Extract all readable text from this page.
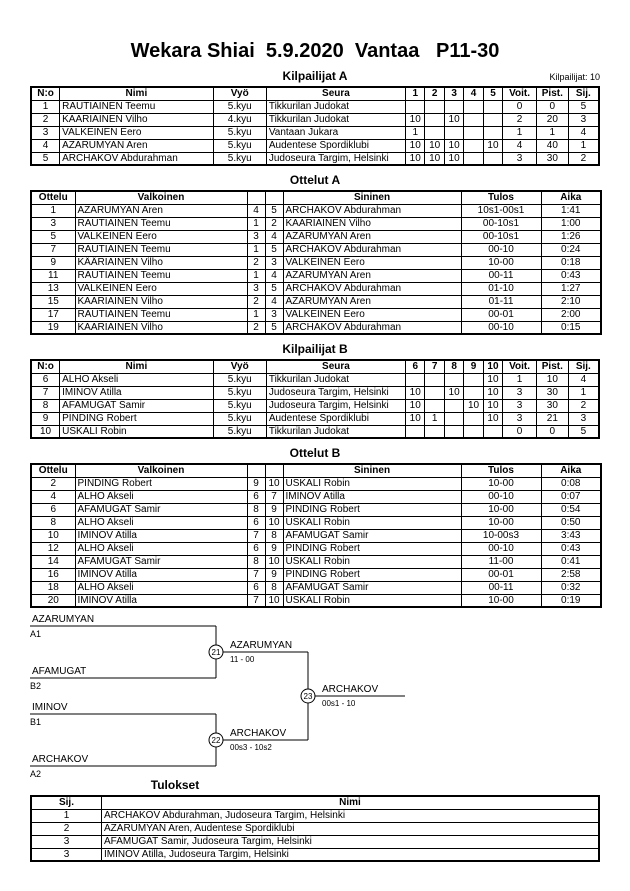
Wekara Shiai  5.9.2020  Vantaa   P11-30
Kilpailijat A	Kilpailijat: 10
N:o	Nimi	Vyö	Seura	1	2	3	4	5	Voit.	Pist.	Sij.
1	RAUTIAINEN Teemu	5.kyu	Tikkurilan Judokat						0	0	5
2	KAARIAINEN Vilho	4.kyu	Tikkurilan Judokat	10		10			2	20	3
3	VALKEINEN Eero	5.kyu	Vantaan Jukara	1					1	1	4
4	AZARUMYAN Aren	5.kyu	Audentese Spordiklubi	10	10	10		10	4	40	1
5	ARCHAKOV Abdurahman	5.kyu	Judoseura Targim, Helsinki	10	10	10			3	30	2
Ottelut A
Ottelu	Valkoinen			Sininen	Tulos	Aika
1	AZARUMYAN Aren	4	5	ARCHAKOV Abdurahman	10s1-00s1	1:41
3	RAUTIAINEN Teemu	1	2	KAARIAINEN Vilho	00-10s1	1:00
5	VALKEINEN Eero	3	4	AZARUMYAN Aren	00-10s1	1:26
7	RAUTIAINEN Teemu	1	5	ARCHAKOV Abdurahman	00-10	0:24
9	KÄÄRIAINEN Vilho	2	3	VALKEINEN Eero	10-00	0:18
11	RAUTIAINEN Teemu	1	4	AZARUMYAN Aren	00-11	0:43
13	VALKEINEN Eero	3	5	ARCHAKOV Abdurahman	01-10	1:27
15	KAARIAINEN Vilho	2	4	AZARUMYAN Aren	01-11	2:10
17	RAUTIAINEN Teemu	1	3	VALKEINEN Eero	00-01	2:00
19	KAARIAINEN Vilho	2	5	ARCHAKOV Abdurahman	00-10	0:15
Kilpailijat B
N:o	Nimi	Vyö	Seura	6	7	8	9	10	Voit.	Pist.	Sij.
6	ALHO Akseli	5.kyu	Tikkurilan Judokat					10	1	10	4
7	IMINOV Atilla	5.kyu	Judoseura Targim, Helsinki	10		10		10	3	30	1
8	AFAMUGAT Samir	5.kyu	Judoseura Targim, Helsinki	10			10	10	3	30	2
9	PINDING Robert	5.kyu	Audentese Spordiklubi	10	1			10	3	21	3
10	USKALI Robin	5.kyu	Tikkurilan Judokat						0	0	5
Ottelut B
Ottelu	Valkoinen			Sininen	Tulos	Aika
2	PINDING Robert	9	10	USKALI Robin	10-00	0:08
4	ALHO Akseli	6	7	IMINOV Atilla	00-10	0:07
6	AFAMUGAT Samir	8	9	PINDING Robert	10-00	0:54
8	ALHO Akseli	6	10	USKALI Robin	10-00	0:50
10	IMINOV Atilla	7	8	AFAMUGAT Samir	10-00s3	3:43
12	ALHO Akseli	6	9	PINDING Robert	00-10	0:43
14	AFAMUGAT Samir	8	10	USKALI Robin	11-00	0:41
16	IMINOV Atilla	7	9	PINDING Robert	00-01	2:58
18	ALHO Akseli	6	8	AFAMUGAT Samir	00-11	0:32
20	IMINOV Atilla	7	10	USKALI Robin	10-00	0:19
AZARUMYAN
A1
AFAMUGAT
B2
21
AZARUMYAN
11 - 00
IMINOV
B1
ARCHAKOV
A2
22
ARCHAKOV
00s3 - 10s2
23
ARCHAKOV
00s1 - 10
Tulokset
Sij.	Nimi
1	ARCHAKOV Abdurahman, Judoseura Targim, Helsinki
2	AZARUMYAN Aren, Audentese Spordiklubi
3	AFAMUGAT Samir, Judoseura Targim, Helsinki
3	IMINOV Atilla, Judoseura Targim, Helsinki
